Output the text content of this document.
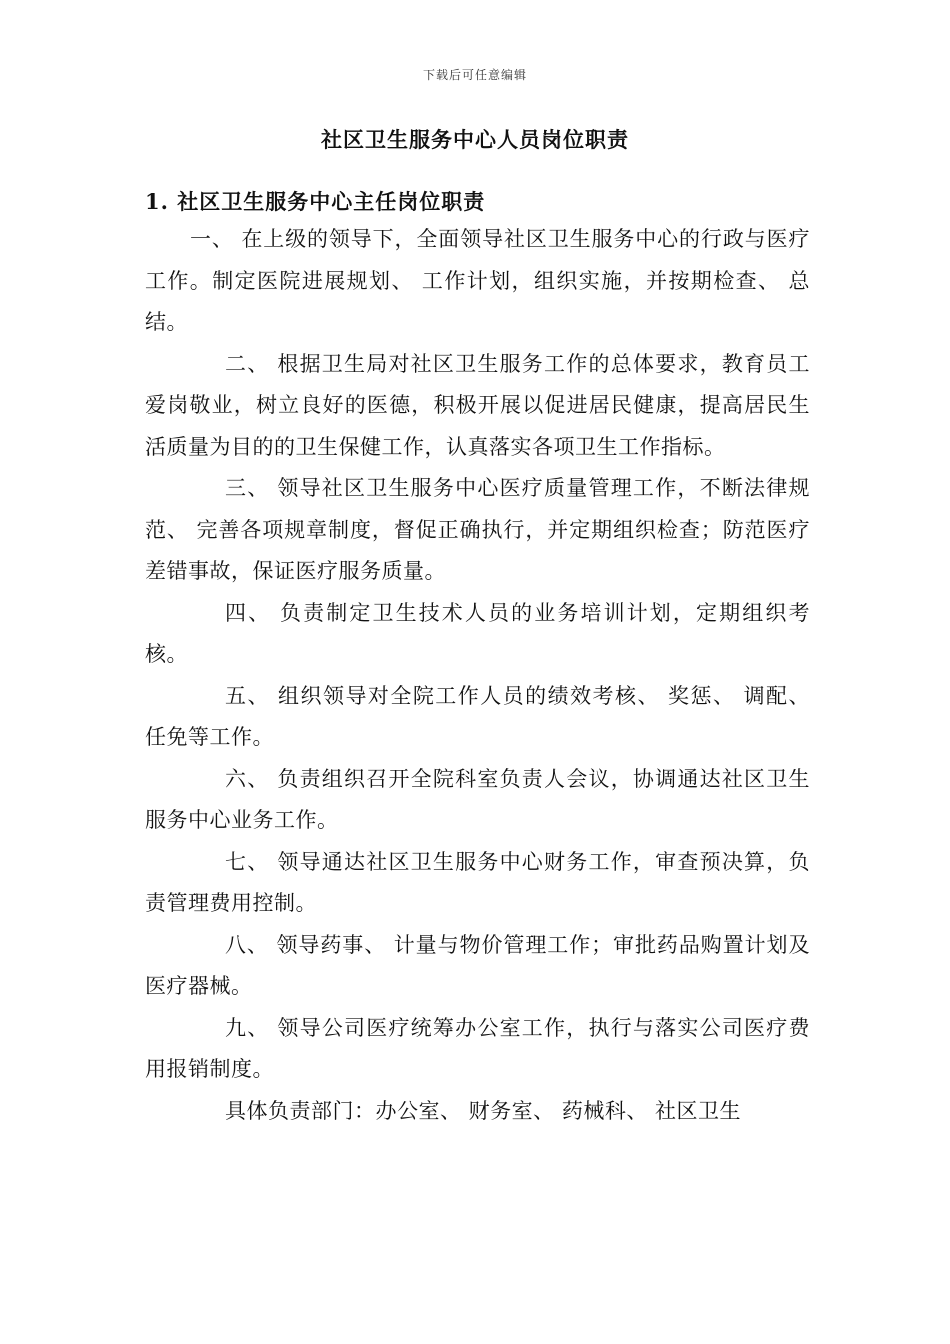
下载后可任意编辑
社区卫生服务中心人员岗位职责
1. 社区卫生服务中心主任岗位职责

一、 在上级的领导下，全面领导社区卫生服务中心的行政与医疗工作。制定医院进展规划、 工作计划，组织实施，并按期检查、 总结。

二、 根据卫生局对社区卫生服务工作的总体要求，教育员工爱岗敬业，树立良好的医德，积极开展以促进居民健康，提高居民生活质量为目的的卫生保健工作，认真落实各项卫生工作指标。

三、 领导社区卫生服务中心医疗质量管理工作，不断法律规范、 完善各项规章制度，督促正确执行，并定期组织检查；防范医疗差错事故，保证医疗服务质量。

四、 负责制定卫生技术人员的业务培训计划，定期组织考核。

五、 组织领导对全院工作人员的绩效考核、 奖惩、 调配、 任免等工作。

六、 负责组织召开全院科室负责人会议，协调通达社区卫生服务中心业务工作。

七、 领导通达社区卫生服务中心财务工作，审查预决算，负责管理费用控制。

八、 领导药事、 计量与物价管理工作；审批药品购置计划及医疗器械。

九、 领导公司医疗统筹办公室工作，执行与落实公司医疗费用报销制度。

具体负责部门：办公室、 财务室、 药械科、 社区卫生
